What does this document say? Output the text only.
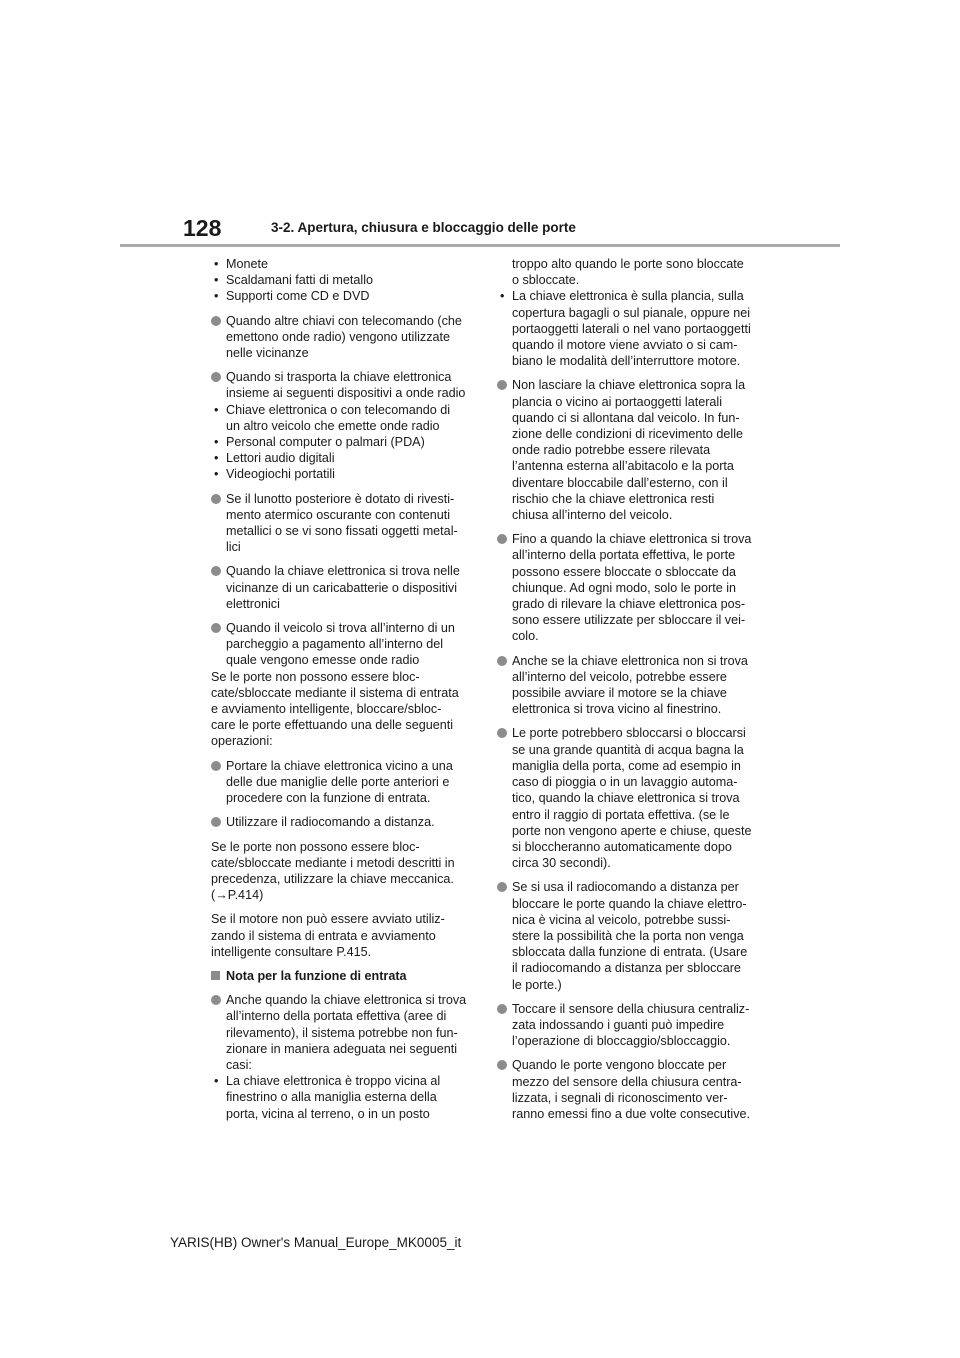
128	3-2. Apertura, chiusura e bloccaggio delle porte
• Monete
• Scaldamani fatti di metallo
• Supporti come CD e DVD
Quando altre chiavi con telecomando (che
emettono onde radio) vengono utilizzate
nelle vicinanze
Quando si trasporta la chiave elettronica
insieme ai seguenti dispositivi a onde radio
• Chiave elettronica o con telecomando di
un altro veicolo che emette onde radio
• Personal computer o palmari (PDA)
• Lettori audio digitali
• Videogiochi portatili
Se il lunotto posteriore è dotato di rivesti-
mento atermico oscurante con contenuti
metallici o se vi sono fissati oggetti metal-
lici
Quando la chiave elettronica si trova nelle
vicinanze di un caricabatterie o dispositivi
elettronici
Quando il veicolo si trova all’interno di un
parcheggio a pagamento all’interno del
quale vengono emesse onde radio
Se le porte non possono essere bloc-
cate/sbloccate mediante il sistema di entrata
e avviamento intelligente, bloccare/sbloc-
care le porte effettuando una delle seguenti
operazioni:
Portare la chiave elettronica vicino a una
delle due maniglie delle porte anteriori e
procedere con la funzione di entrata.
Utilizzare il radiocomando a distanza.
Se le porte non possono essere bloc-
cate/sbloccate mediante i metodi descritti in
precedenza, utilizzare la chiave meccanica.
(→P.414)
Se il motore non può essere avviato utiliz-
zando il sistema di entrata e avviamento
intelligente consultare P.415.
Nota per la funzione di entrata
Anche quando la chiave elettronica si trova
all’interno della portata effettiva (aree di
rilevamento), il sistema potrebbe non fun-
zionare in maniera adeguata nei seguenti
casi:
• La chiave elettronica è troppo vicina al
finestrino o alla maniglia esterna della
porta, vicina al terreno, o in un posto
troppo alto quando le porte sono bloccate
o sbloccate.
• La chiave elettronica è sulla plancia, sulla
copertura bagagli o sul pianale, oppure nei
portaoggetti laterali o nel vano portaoggetti
quando il motore viene avviato o si cam-
biano le modalità dell’interruttore motore.
Non lasciare la chiave elettronica sopra la
plancia o vicino ai portaoggetti laterali
quando ci si allontana dal veicolo. In fun-
zione delle condizioni di ricevimento delle
onde radio potrebbe essere rilevata
l’antenna esterna all’abitacolo e la porta
diventare bloccabile dall’esterno, con il
rischio che la chiave elettronica resti
chiusa all’interno del veicolo.
Fino a quando la chiave elettronica si trova
all’interno della portata effettiva, le porte
possono essere bloccate o sbloccate da
chiunque. Ad ogni modo, solo le porte in
grado di rilevare la chiave elettronica pos-
sono essere utilizzate per sbloccare il vei-
colo.
Anche se la chiave elettronica non si trova
all’interno del veicolo, potrebbe essere
possibile avviare il motore se la chiave
elettronica si trova vicino al finestrino.
Le porte potrebbero sbloccarsi o bloccarsi
se una grande quantità di acqua bagna la
maniglia della porta, come ad esempio in
caso di pioggia o in un lavaggio automa-
tico, quando la chiave elettronica si trova
entro il raggio di portata effettiva. (se le
porte non vengono aperte e chiuse, queste
si bloccheranno automaticamente dopo
circa 30 secondi).
Se si usa il radiocomando a distanza per
bloccare le porte quando la chiave elettro-
nica è vicina al veicolo, potrebbe sussi-
stere la possibilità che la porta non venga
sbloccata dalla funzione di entrata. (Usare
il radiocomando a distanza per sbloccare
le porte.)
Toccare il sensore della chiusura centraliz-
zata indossando i guanti può impedire
l’operazione di bloccaggio/sbloccaggio.
Quando le porte vengono bloccate per
mezzo del sensore della chiusura centra-
lizzata, i segnali di riconoscimento ver-
ranno emessi fino a due volte consecutive.
YARIS(HB) Owner's Manual_Europe_MK0005_it
